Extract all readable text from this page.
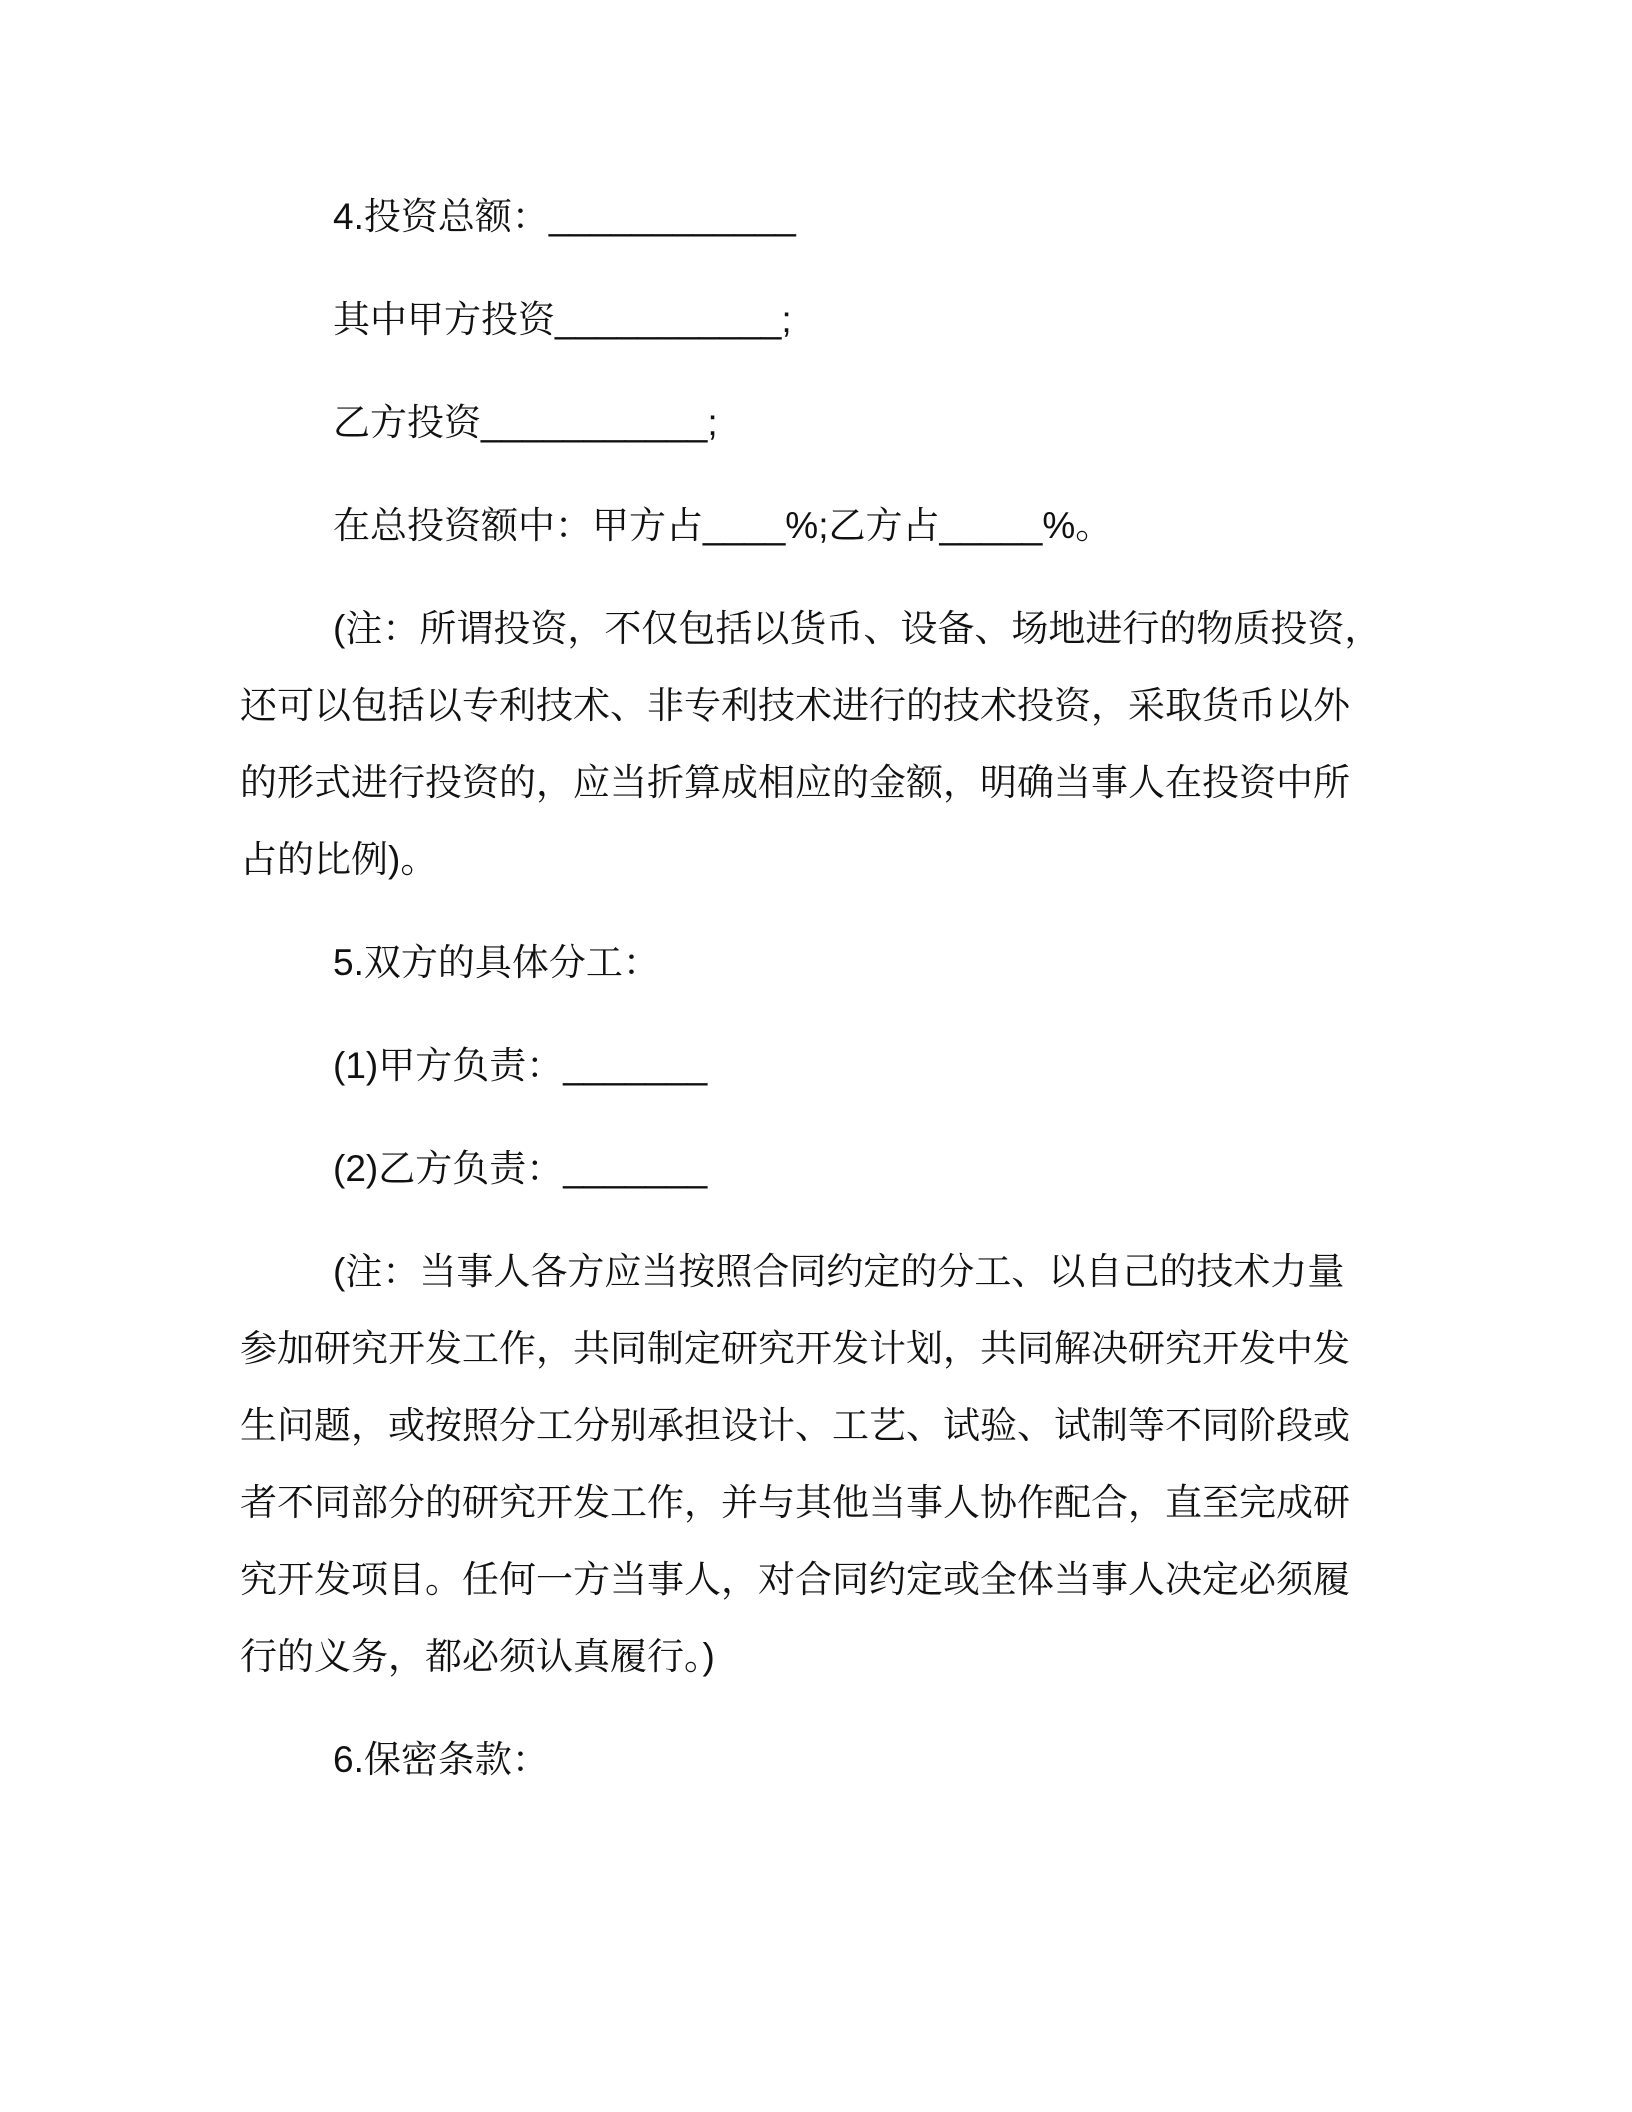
4.投资总额：____________
其中甲方投资___________;
乙方投资___________;
在总投资额中：甲方占____%;乙方占_____%。
(注：所谓投资，不仅包括以货币、设备、场地进行的物质投资，
还可以包括以专利技术、非专利技术进行的技术投资，采取货币以外
的形式进行投资的，应当折算成相应的金额，明确当事人在投资中所
占的比例)。
5.双方的具体分工：
(1)甲方负责：_______
(2)乙方负责：_______
(注：当事人各方应当按照合同约定的分工、以自己的技术力量
参加研究开发工作，共同制定研究开发计划，共同解决研究开发中发
生问题，或按照分工分别承担设计、工艺、试验、试制等不同阶段或
者不同部分的研究开发工作，并与其他当事人协作配合，直至完成研
究开发项目。任何一方当事人，对合同约定或全体当事人决定必须履
行的义务，都必须认真履行。)
6.保密条款：
